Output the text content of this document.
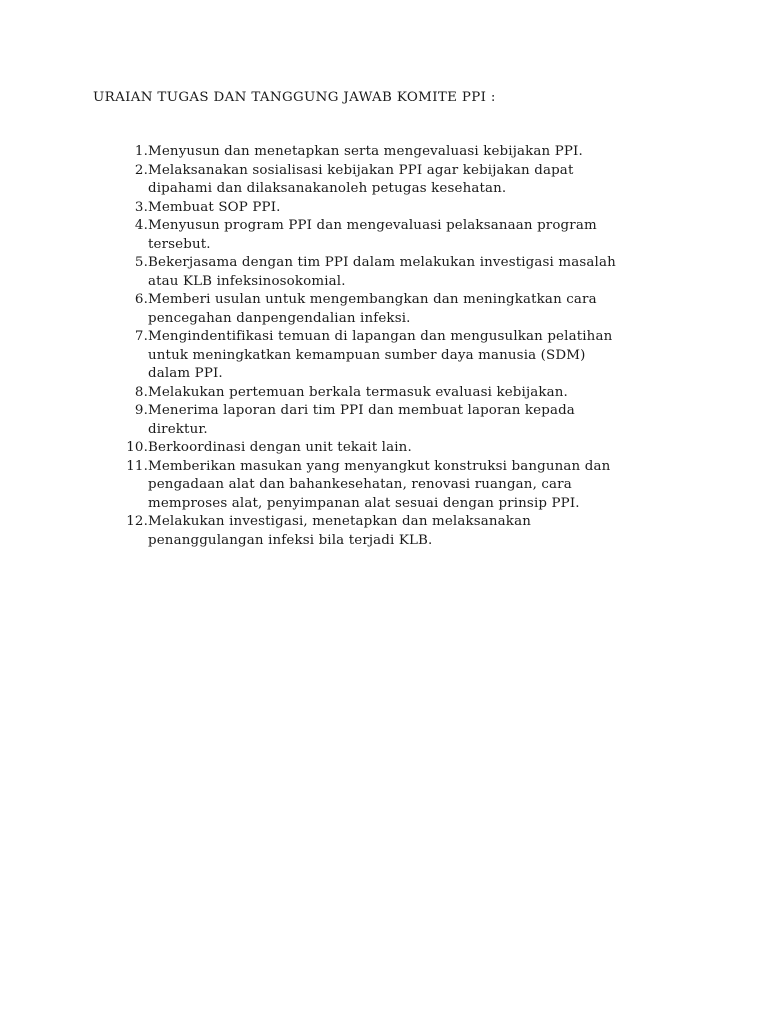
URAIAN TUGAS DAN TANGGUNG JAWAB KOMITE PPI :
1. Menyusun dan menetapkan serta mengevaluasi kebijakan PPI.
2. Melaksanakan sosialisasi kebijakan PPI agar kebijakan dapat
dipahami dan dilaksanakanoleh petugas kesehatan.
3. Membuat SOP PPI.
4. Menyusun program PPI dan mengevaluasi pelaksanaan program
tersebut.
5. Bekerjasama dengan tim PPI dalam melakukan investigasi masalah
atau KLB infeksinosokomial.
6. Memberi usulan untuk mengembangkan dan meningkatkan cara
pencegahan danpengendalian infeksi.
7. Mengindentifikasi temuan di lapangan dan mengusulkan pelatihan
untuk meningkatkan kemampuan sumber daya manusia (SDM)
dalam PPI.
8. Melakukan pertemuan berkala termasuk evaluasi kebijakan.
9. Menerima laporan dari tim PPI dan membuat laporan kepada
direktur.
10. Berkoordinasi dengan unit tekait lain.
11. Memberikan masukan yang menyangkut konstruksi bangunan dan
pengadaan alat dan bahankesehatan, renovasi ruangan, cara
memproses alat, penyimpanan alat sesuai dengan prinsip PPI.
12. Melakukan investigasi, menetapkan dan melaksanakan
penanggulangan infeksi bila terjadi KLB.
